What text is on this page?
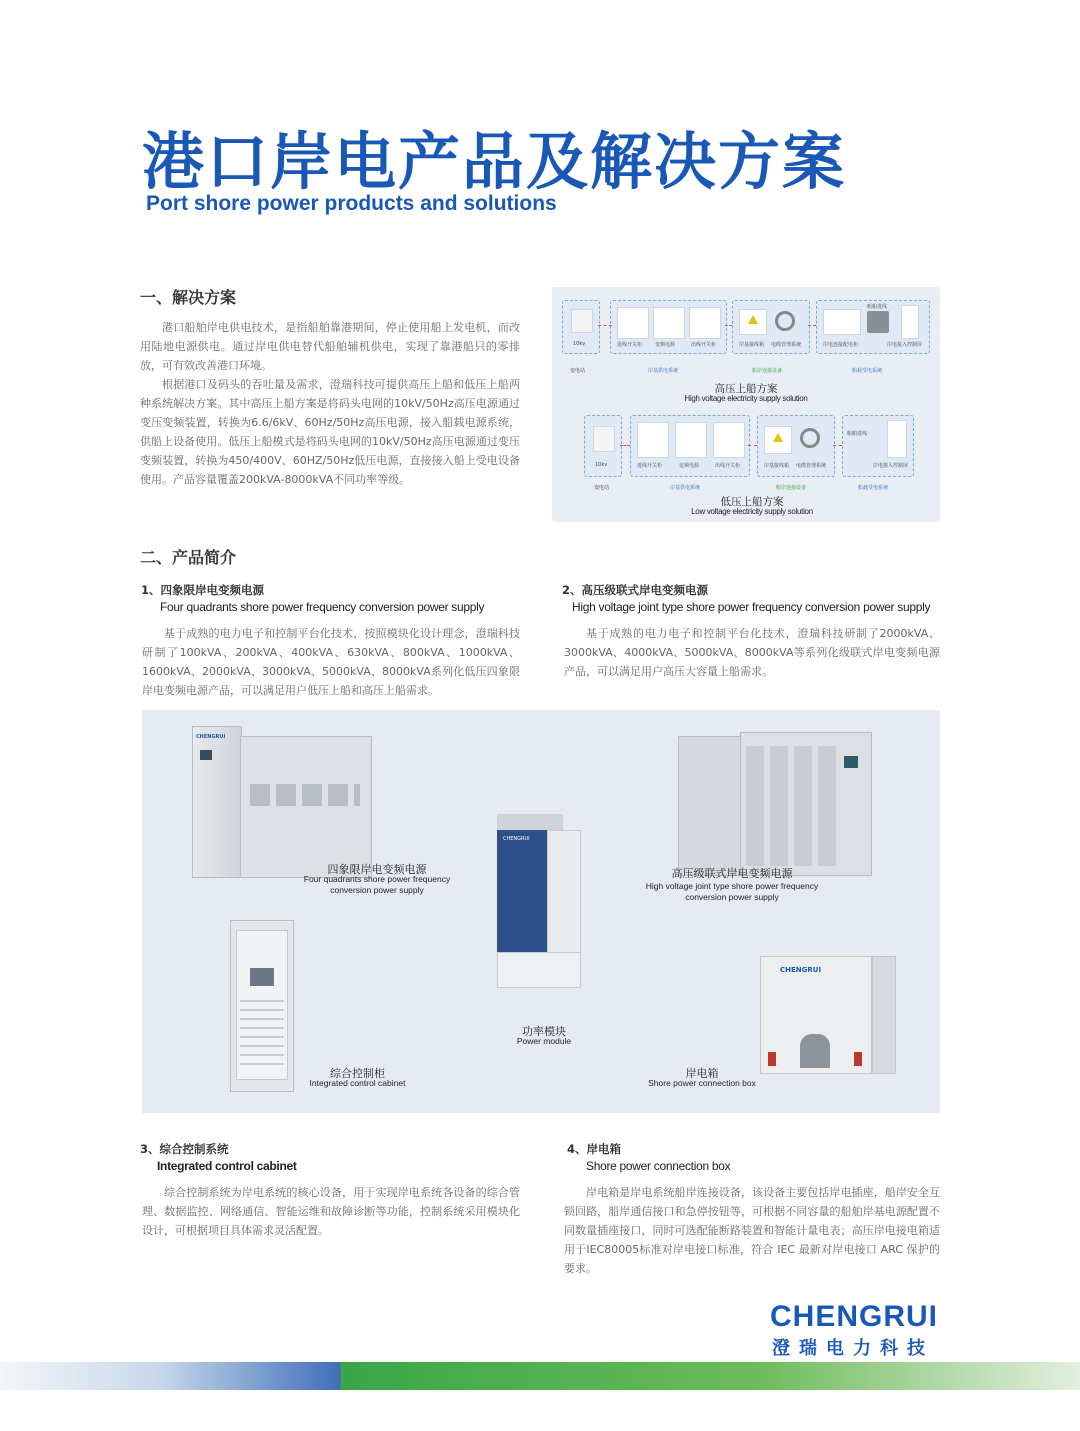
港口岸电产品及解决方案
Port shore power products and solutions
一、解决方案

港口船舶岸电供电技术，是指船舶靠港期间，停止使用船上发电机，而改用陆地电源供电。通过岸电供电替代船舶辅机供电，实现了靠港船只的零排放，可有效改善港口环境。

根据港口及码头的吞吐量及需求，澄瑞科技可提供高压上船和低压上船两种系统解决方案。其中高压上船方案是将码头电网的10kV/50Hz高压电源通过变压变频装置，转换为6.6/6kV、60Hz/50Hz高压电源，接入船载电源系统，供船上设备使用。低压上船模式是将码头电网的10kV/50Hz高压电源通过变压变频装置，转换为450/400V、60HZ/50Hz低压电源，直接接入船上受电设备使用。产品容量覆盖200kVA-8000kVA不同功率等级。

10kv	进线开关柜	变频电源	出线开关柜	岸基接线箱 电缆管理系统	岸电连接配电柜
船舶进线
岸电接入控制屏
变电站	岸基供电系统	船岸连接设备	船载受电系统
高压上船方案
High voltage electricity supply solution
10kv	进线开关柜	变频电源	出线开关柜	岸基接线箱 电缆管理系统
船舶进线
岸电接入控制屏
变电站	岸基供电系统	船岸连接设备	船载受电系统
低压上船方案
Low voltage electricity supply solution
二、产品简介
1、四象限岸电变频电源
Four quadrants shore power frequency conversion power supply

基于成熟的电力电子和控制平台化技术，按照模块化设计理念，澄瑞科技研制了100kVA、200kVA、400kVA、630kVA、800kVA、1000kVA、1600kVA、2000kVA、3000kVA、5000kVA、8000kVA系列化低压四象限岸电变频电源产品，可以满足用户低压上船和高压上船需求。

2、高压级联式岸电变频电源
High voltage joint type shore power frequency conversion power supply

基于成熟的电力电子和控制平台化技术，澄瑞科技研制了2000kVA、3000kVA、4000kVA、5000kVA、8000kVA等系列化级联式岸电变频电源产品，可以满足用户高压大容量上船需求。

CHENGRUI
四象限岸电变频电源
Four quadrants shore power frequency
conversion power supply
高压级联式岸电变频电源
High voltage joint type shore power frequency
conversion power supply
CHENGRUI
功率模块
Power module
综合控制柜
Integrated control cabinet
CHENGRUI
岸电箱
Shore power connection box
3、综合控制系统
Integrated control cabinet

综合控制系统为岸电系统的核心设备，用于实现岸电系统各设备的综合管理、数据监控、网络通信、智能运维和故障诊断等功能，控制系统采用模块化设计，可根据项目具体需求灵活配置。

4、岸电箱
Shore power connection box

岸电箱是岸电系统船岸连接设备，该设备主要包括岸电插座，船岸安全互锁回路，船岸通信接口和急停按钮等，可根据不同容量的船舶岸基电源配置不同数量插座接口，同时可选配能断路装置和智能计量电表；高压岸电接电箱适用于IEC80005标准对岸电接口标准，符合 IEC 最新对岸电接口 ARC 保护的要求。

CHENGRUI
澄瑞电力科技
